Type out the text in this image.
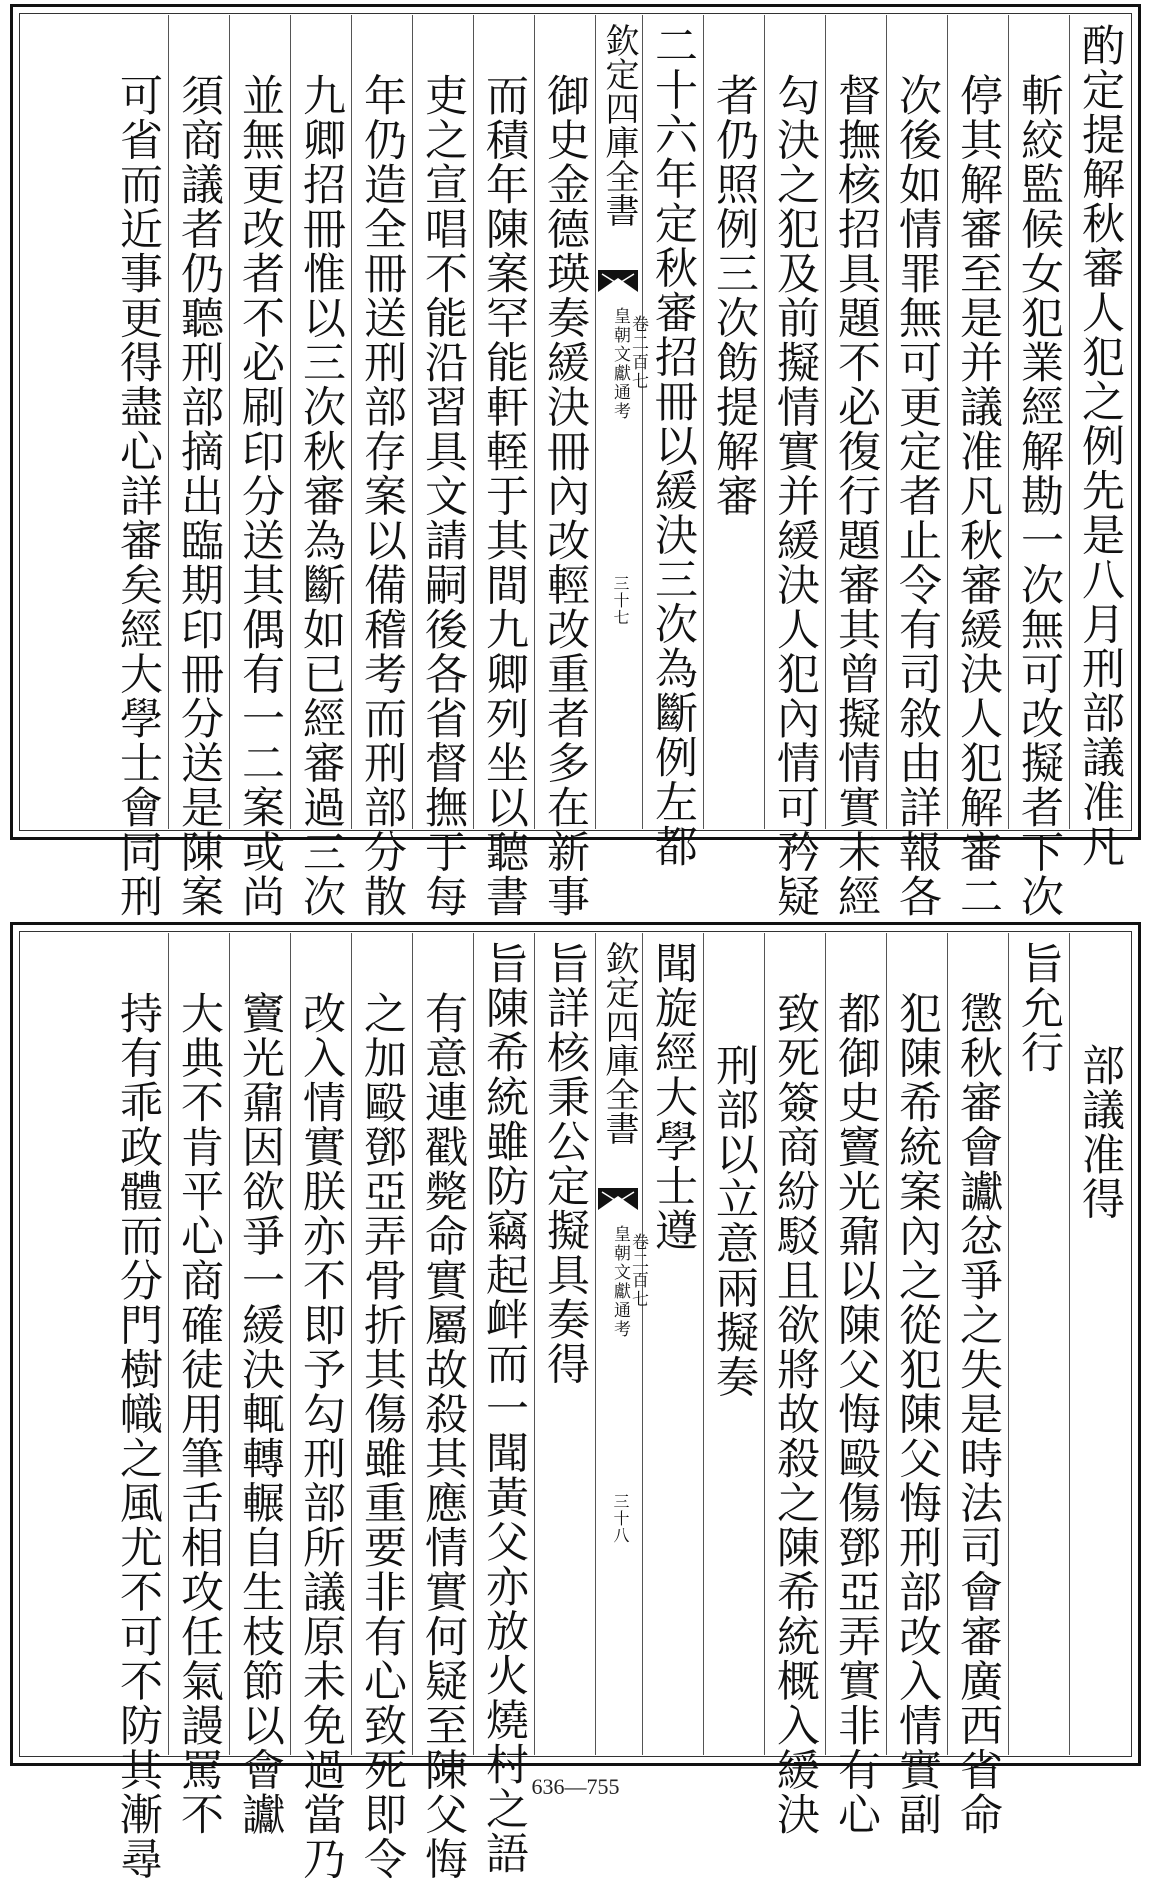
酌定提解秋審人犯之例先是八月刑部議准凡
斬絞監候女犯業經解勘一次無可改擬者下次
停其解審至是并議准凡秋審緩決人犯解審二
次後如情罪無可更定者止令有司敘由詳報各
督撫核招具題不必復行題審其曾擬情實未經
勾決之犯及前擬情實并緩決人犯內情可矜疑
者仍照例三次飭提解審
二十六年定秋審招冊以緩決三次為斷例左都
欽定四庫全書
皇朝文獻通考
卷二百七
三十七
御史金德瑛奏緩決冊內改輕改重者多在新事
而積年陳案罕能軒輊于其間九卿列坐以聽書
吏之宣唱不能沿習具文請嗣後各省督撫于每
年仍造全冊送刑部存案以備稽考而刑部分散
九卿招冊惟以三次秋審為斷如已經審過三次
並無更改者不必刷印分送其偶有一二案或尚
須商議者仍聽刑部摘出臨期印冊分送是陳案
可省而近事更得盡心詳審矣經大學士會同刑
部議准得
旨允行
懲秋審會讞忿爭之失是時法司會審廣西省命
犯陳希統案內之從犯陳父悔刑部改入情實副
都御史竇光鼐以陳父悔毆傷鄧亞弄實非有心
致死簽商紛駁且欲將故殺之陳希統概入緩決
刑部以立意兩擬奏
聞旋經大學士遵
欽定四庫全書
皇朝文獻通考
卷二百七
三十八
旨詳核秉公定擬具奏得
旨陳希統雖防竊起衅而一聞黃父亦放火燒村之語
有意連戳斃命實屬故殺其應情實何疑至陳父悔
之加毆鄧亞弄骨折其傷雖重要非有心致死即令
改入情實朕亦不即予勾刑部所議原未免過當乃
竇光鼐因欲爭一緩決輒轉輾自生枝節以會讞
大典不肯平心商確徒用筆舌相攻任氣謾罵不
持有乖政體而分門樹幟之風尤不可不防其漸尋	636—755
